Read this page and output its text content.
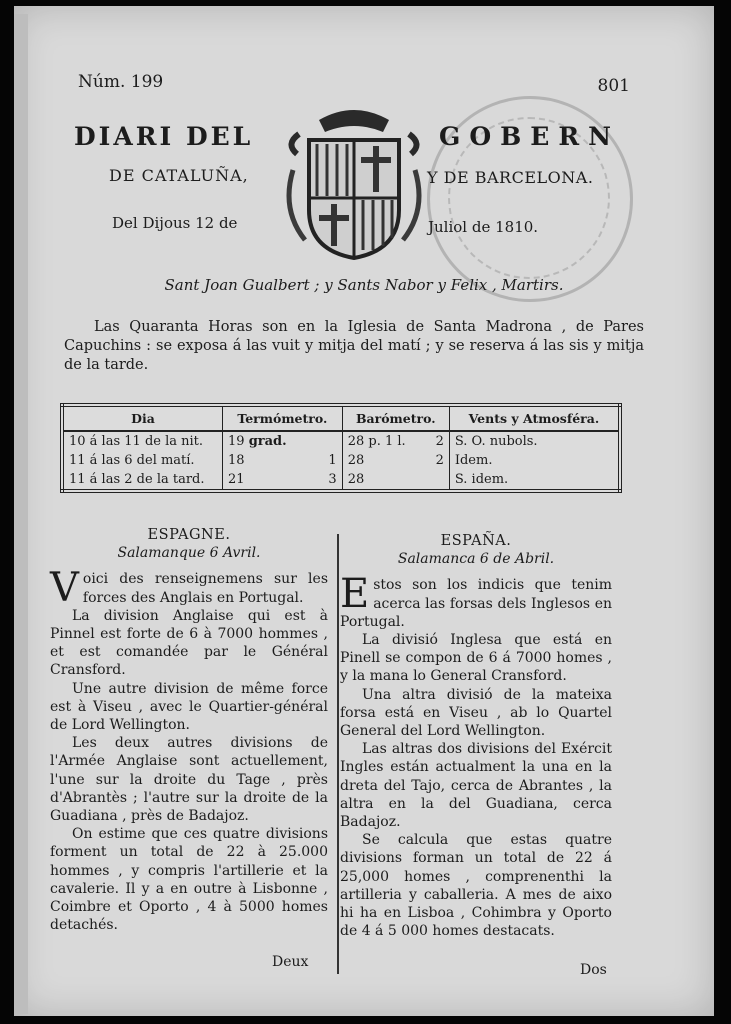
Núm. 199	801
DIARI DEL	GOBERN
DE CATALUÑA,	Y DE BARCELONA.
Del Dijous 12 de	Juliol de 1810.
Sant Joan Gualbert ; y Sants Nabor y Felix , Martirs.
Las Quaranta Horas son en la Iglesia de Santa Madrona , de Pares Capuchins : se exposa á las vuit y mitja del matí ; y se reserva á las sis y mitja de la tarde.
Dia	Termómetro.		Barómetro.		Vents y Atmosféra.
10 á las 11 de la nit.	19 grad.		28 p. 1 l.	2	S. O. nubols.
11 á las 6 del matí.	18	1	28	2	Idem.
11 á las 2 de la tard.	21	3	28		S. idem.
ESPAGNE.
Salamanque 6 Avril.

Voici des renseignemens sur les forces des Anglais en Portugal.

La division Anglaise qui est à Pinnel est forte de 6 à 7000 hommes , et est comandée par le Général Cransford.

Une autre division de même force est à Viseu , avec le Quartier-général de Lord Wellington.

Les deux autres divisions de l'Armée Anglaise sont actuellement, l'une sur la droite du Tage , près d'Abrantès ; l'autre sur la droite de la Guadiana , près de Badajoz.

On estime que ces quatre divisions forment un total de 22 à 25.000 hommes , y compris l'artillerie et la cavalerie. Il y a en outre à Lisbonne , Coimbre et Oporto , 4 à 5000 homes detachés.

ESPAÑA.
Salamanca 6 de Abril.

Estos son los indicis que tenim acerca las forsas dels Inglesos en Portugal.

La divisió Inglesa que está en Pinell se compon de 6 á 7000 homes , y la mana lo General Cransford.

Una altra divisió de la mateixa forsa está en Viseu , ab lo Quartel General del Lord Wellington.

Las altras dos divisions del Exércit Ingles están actualment la una en la dreta del Tajo, cerca de Abrantes , la altra en la del Guadiana, cerca Badajoz.

Se calcula que estas quatre divisions forman un total de 22 á 25,000 homes , comprenenthi la artilleria y caballeria. A mes de aixo hi ha en Lisboa , Cohimbra y Oporto de 4 á 5 000 homes destacats.

Deux	Dos
